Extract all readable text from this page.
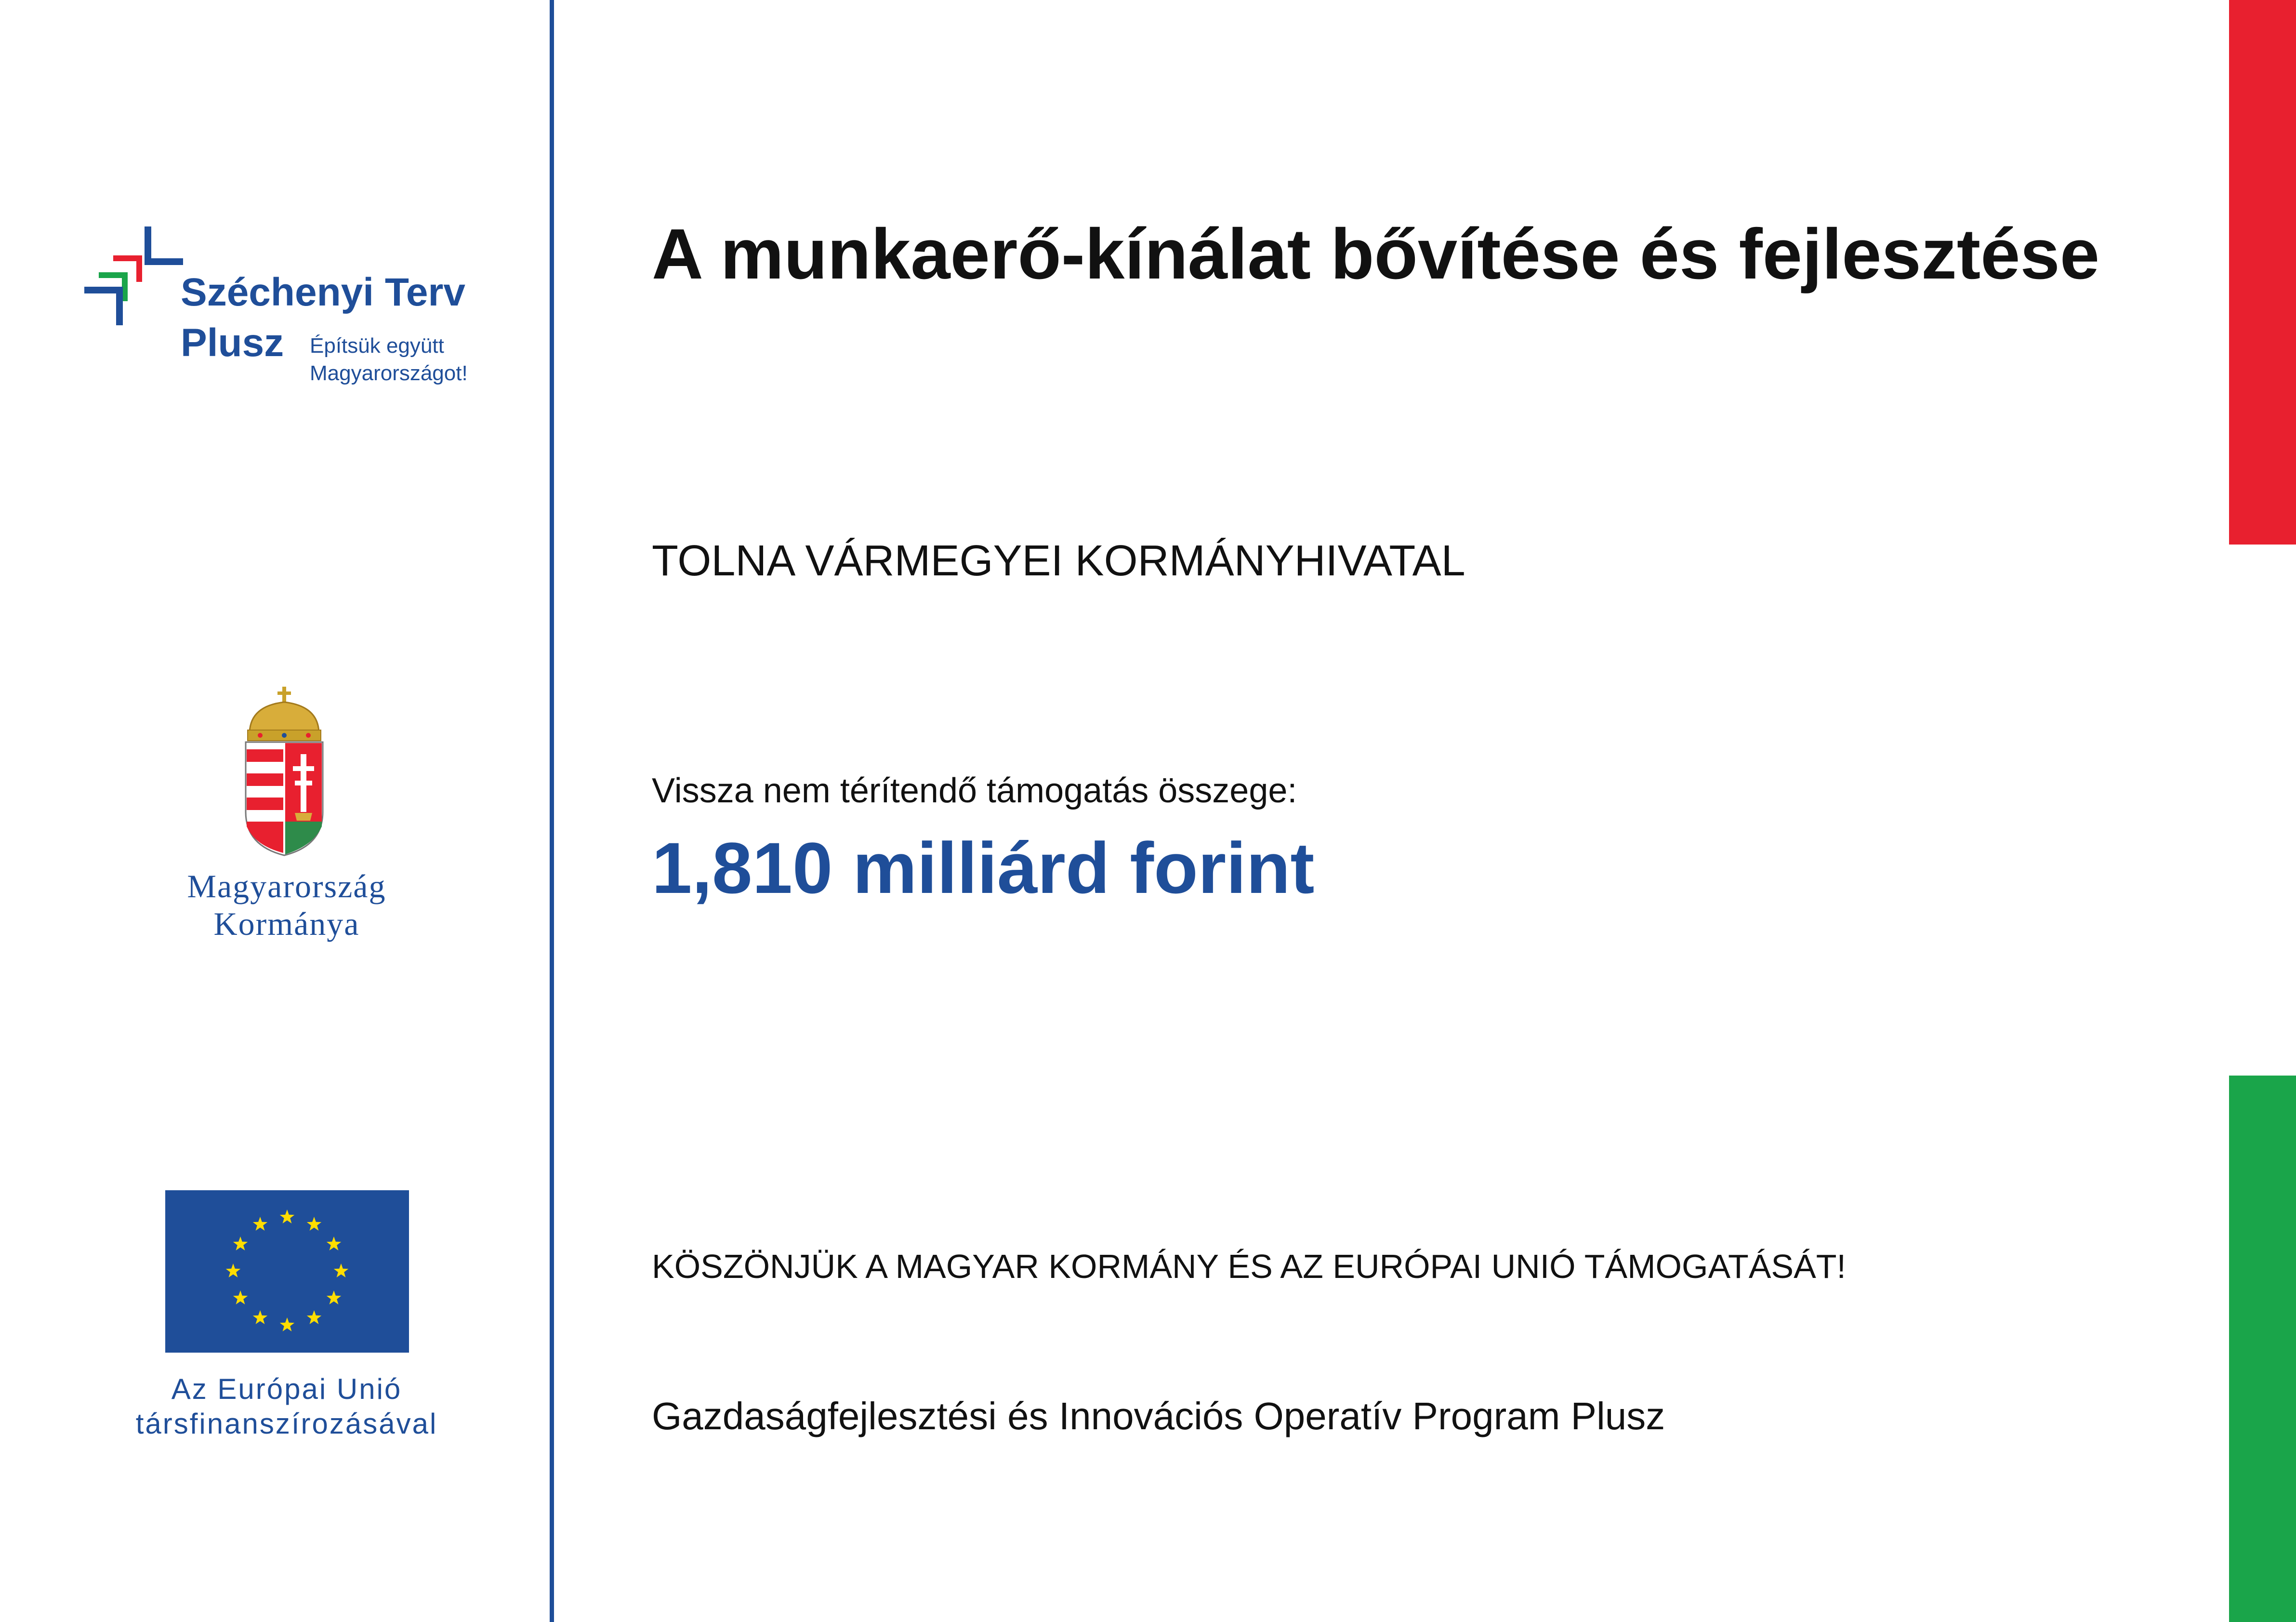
Széchenyi Terv
Plusz Építsük együtt
Magyarországot!
Magyarország
Kormánya
Az Európai Unió
társfinanszírozásával
A munkaerő-kínálat bővítése és fejlesztése
TOLNA VÁRMEGYEI KORMÁNYHIVATAL
Vissza nem térítendő támogatás összege:
1,810 milliárd forint
KÖSZÖNJÜK A MAGYAR KORMÁNY ÉS AZ EURÓPAI UNIÓ TÁMOGATÁSÁT!
Gazdaságfejlesztési és Innovációs Operatív Program Plusz
